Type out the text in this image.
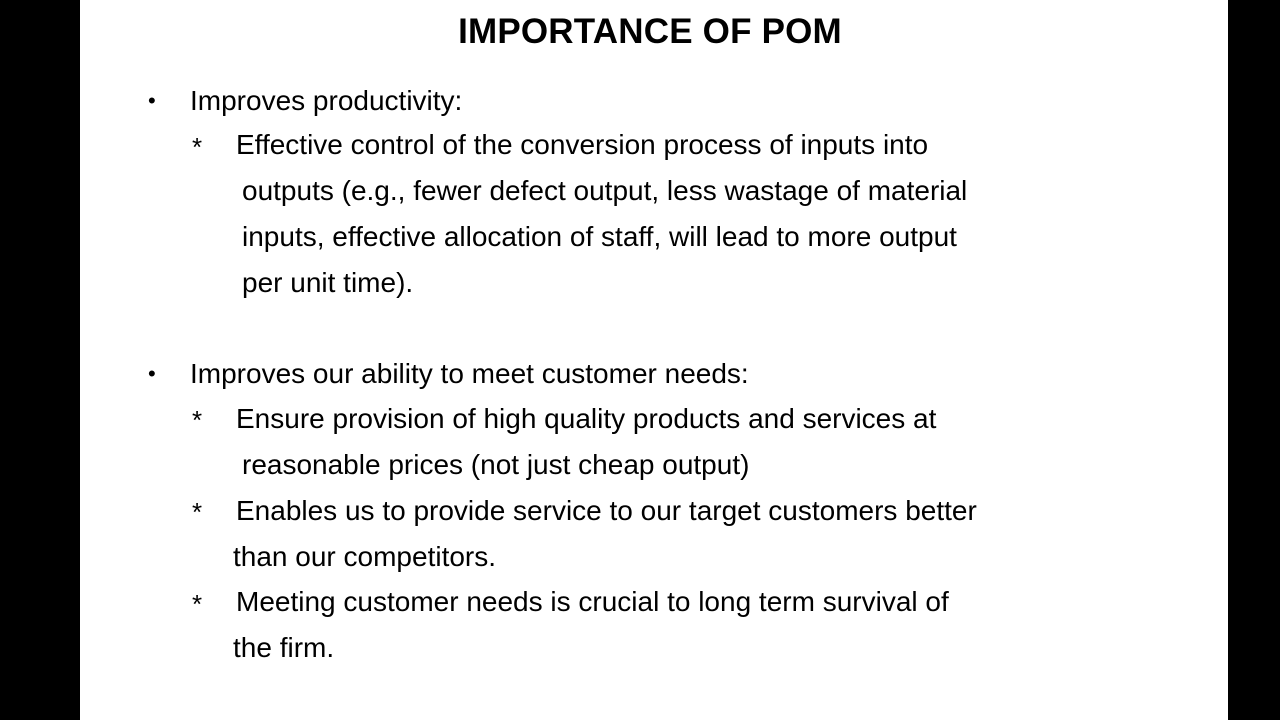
IMPORTANCE OF POM
• Improves productivity:
* Effective control of the conversion process of inputs into
outputs (e.g., fewer defect output, less wastage of material
inputs, effective allocation of staff, will lead to more output
per unit time).
• Improves our ability to meet customer needs:
* Ensure provision of high quality products and services at
reasonable prices (not just cheap output)
* Enables us to provide service to our target customers better
than our competitors.
* Meeting customer needs is crucial to long term survival of
the firm.
